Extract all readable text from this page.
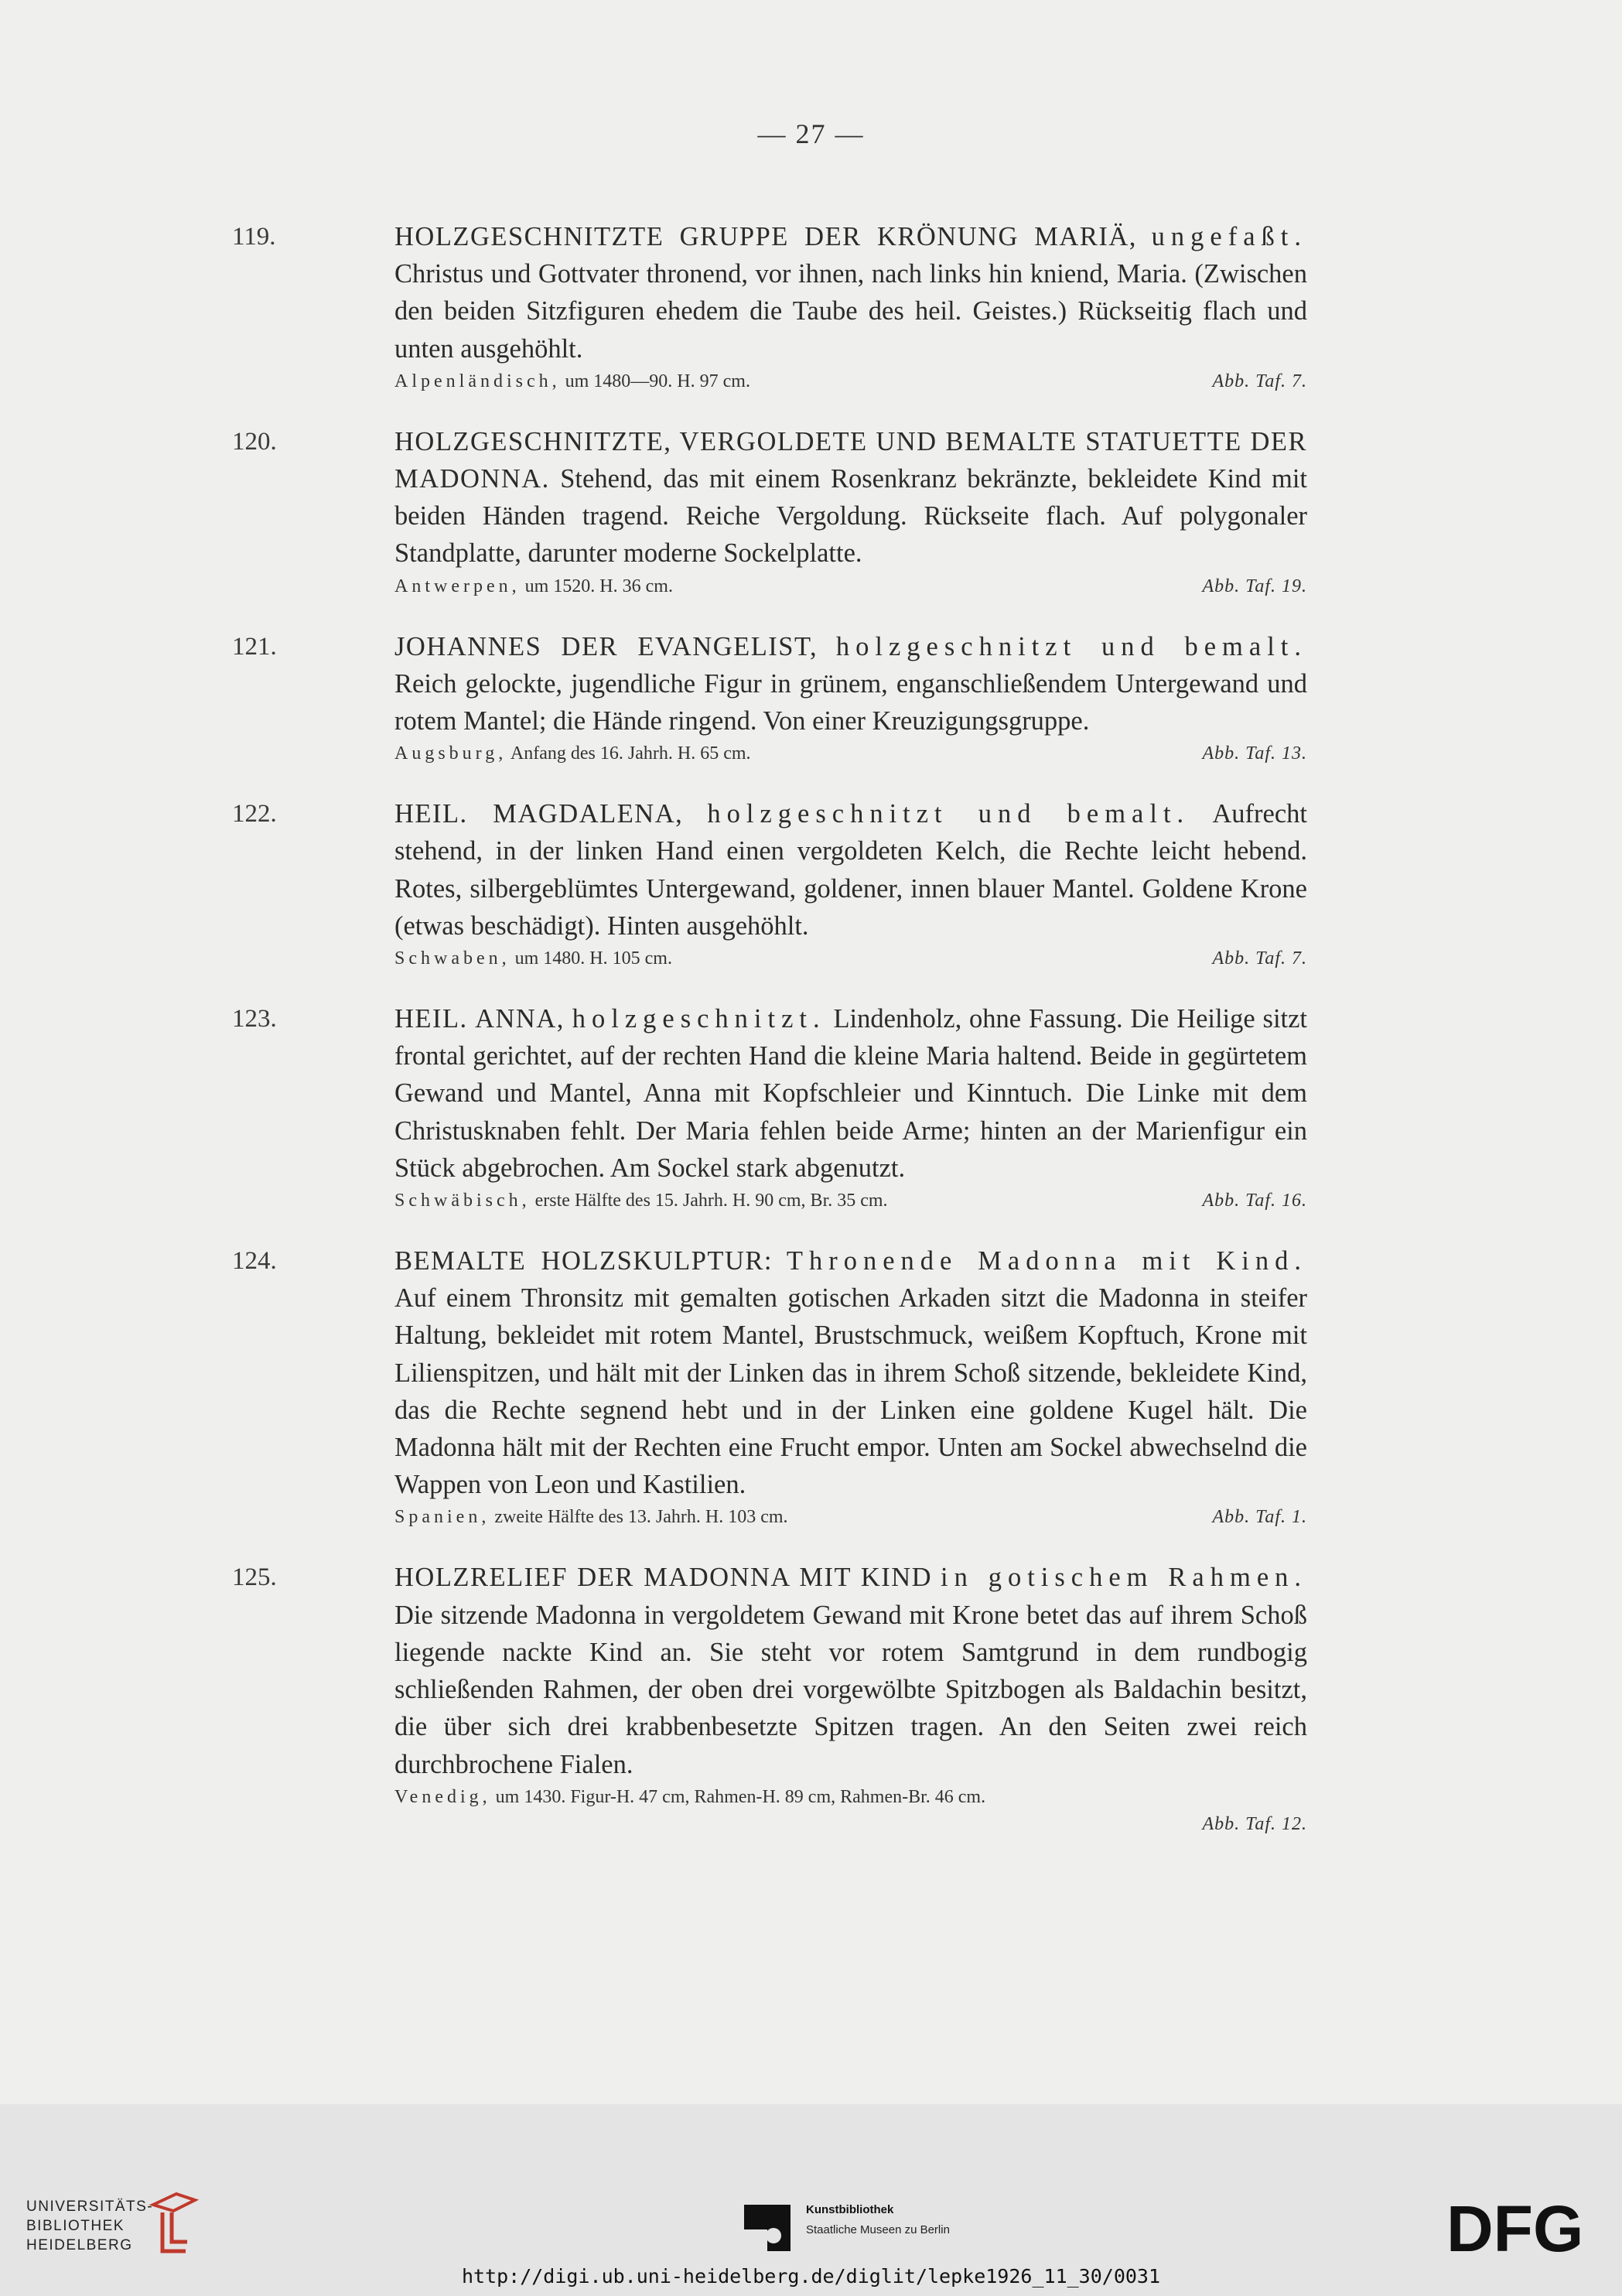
— 27 —
119.	HOLZGESCHNITZTE GRUPPE DER KRÖNUNG MARIÄ, ungefaßt. Christus und Gottvater thronend, vor ihnen, nach links hin kniend, Maria. (Zwischen den beiden Sitzfiguren ehedem die Taube des heil. Geistes.) Rückseitig flach und unten ausgehöhlt.
Alpenländisch, um 1480—90. H. 97 cm.	Abb. Taf. 7.
120.	HOLZGESCHNITZTE, VERGOLDETE UND BEMALTE STATUETTE DER MADONNA. Stehend, das mit einem Rosenkranz bekränzte, bekleidete Kind mit beiden Händen tragend. Reiche Vergoldung. Rückseite flach. Auf polygonaler Standplatte, darunter moderne Sockelplatte.
Antwerpen, um 1520. H. 36 cm.	Abb. Taf. 19.
121.	JOHANNES DER EVANGELIST, holzgeschnitzt und bemalt. Reich gelockte, jugendliche Figur in grünem, enganschließendem Untergewand und rotem Mantel; die Hände ringend. Von einer Kreuzigungsgruppe.
Augsburg, Anfang des 16. Jahrh. H. 65 cm.	Abb. Taf. 13.
122.	HEIL. MAGDALENA, holzgeschnitzt und bemalt. Aufrecht stehend, in der linken Hand einen vergoldeten Kelch, die Rechte leicht hebend. Rotes, silbergeblümtes Untergewand, goldener, innen blauer Mantel. Goldene Krone (etwas beschädigt). Hinten ausgehöhlt.
Schwaben, um 1480. H. 105 cm.	Abb. Taf. 7.
123.	HEIL. ANNA, holzgeschnitzt. Lindenholz, ohne Fassung. Die Heilige sitzt frontal gerichtet, auf der rechten Hand die kleine Maria haltend. Beide in gegürtetem Gewand und Mantel, Anna mit Kopfschleier und Kinntuch. Die Linke mit dem Christusknaben fehlt. Der Maria fehlen beide Arme; hinten an der Marienfigur ein Stück abgebrochen. Am Sockel stark abgenutzt.
Schwäbisch, erste Hälfte des 15. Jahrh. H. 90 cm, Br. 35 cm.	Abb. Taf. 16.
124.	BEMALTE HOLZSKULPTUR: Thronende Madonna mit Kind. Auf einem Thronsitz mit gemalten gotischen Arkaden sitzt die Madonna in steifer Haltung, bekleidet mit rotem Mantel, Brustschmuck, weißem Kopftuch, Krone mit Lilienspitzen, und hält mit der Linken das in ihrem Schoß sitzende, bekleidete Kind, das die Rechte segnend hebt und in der Linken eine goldene Kugel hält. Die Madonna hält mit der Rechten eine Frucht empor. Unten am Sockel abwechselnd die Wappen von Leon und Kastilien.
Spanien, zweite Hälfte des 13. Jahrh. H. 103 cm.	Abb. Taf. 1.
125.	HOLZRELIEF DER MADONNA MIT KIND in gotischem Rahmen. Die sitzende Madonna in vergoldetem Gewand mit Krone betet das auf ihrem Schoß liegende nackte Kind an. Sie steht vor rotem Samtgrund in dem rundbogig schließenden Rahmen, der oben drei vorgewölbte Spitzbogen als Baldachin besitzt, die über sich drei krabbenbesetzte Spitzen tragen. An den Seiten zwei reich durchbrochene Fialen.
Venedig, um 1430. Figur-H. 47 cm, Rahmen-H. 89 cm, Rahmen-Br. 46 cm.
Abb. Taf. 12.
UNIVERSITÄTS-
BIBLIOTHEK
HEIDELBERG
Kunstbibliothek
Staatliche Museen zu Berlin	DFG
http://digi.ub.uni-heidelberg.de/diglit/lepke1926_11_30/0031
